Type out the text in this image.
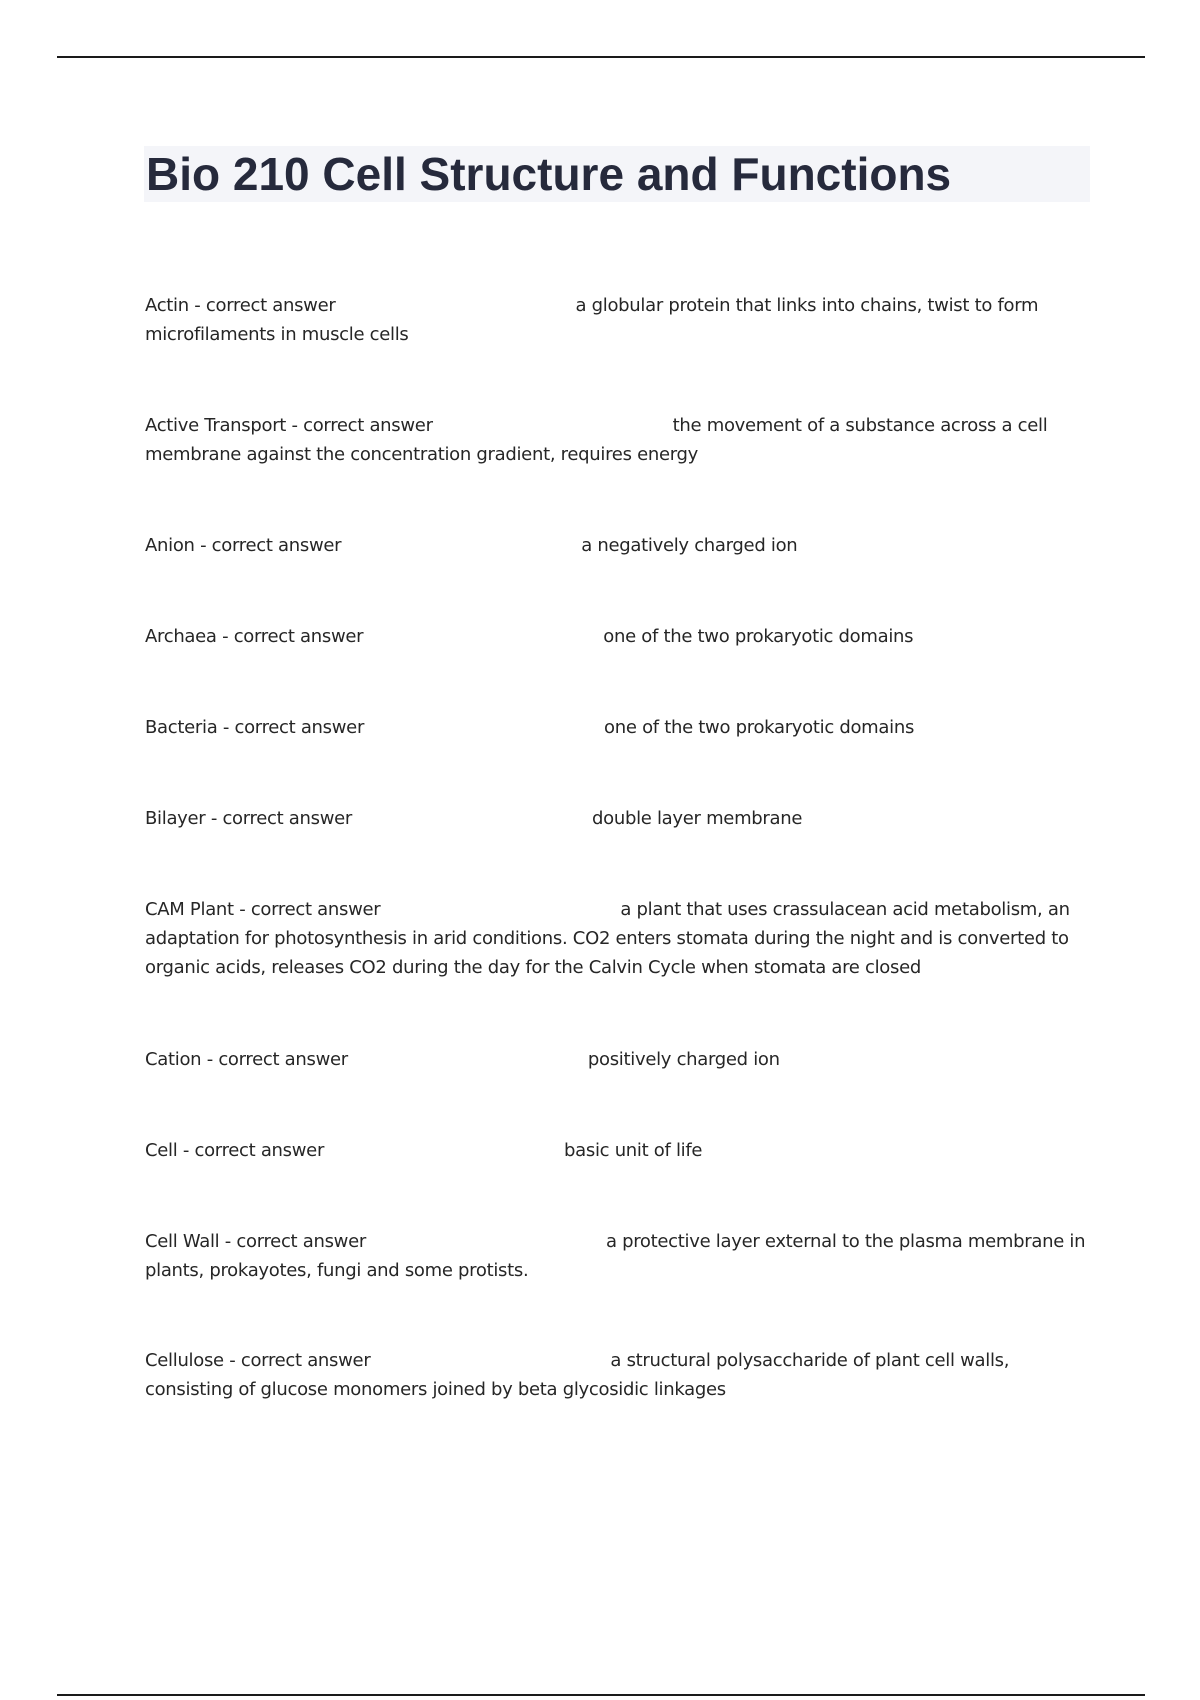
Bio 210 Cell Structure and Functions
Actin - correct answer	a globular protein that links into chains, twist to form microfilaments in muscle cells
Active Transport - correct answer	the movement of a substance across a cell membrane against the concentration gradient, requires energy
Anion - correct answer	a negatively charged ion
Archaea - correct answer	one of the two prokaryotic domains
Bacteria - correct answer	one of the two prokaryotic domains
Bilayer - correct answer	double layer membrane
CAM Plant - correct answer	a plant that uses crassulacean acid metabolism, an adaptation for photosynthesis in arid conditions. CO2 enters stomata during the night and is converted to organic acids, releases CO2 during the day for the Calvin Cycle when stomata are closed
Cation - correct answer	positively charged ion
Cell - correct answer	basic unit of life
Cell Wall - correct answer	a protective layer external to the plasma membrane in plants, prokayotes, fungi and some protists.
Cellulose - correct answer	a structural polysaccharide of plant cell walls, consisting of glucose monomers joined by beta glycosidic linkages
